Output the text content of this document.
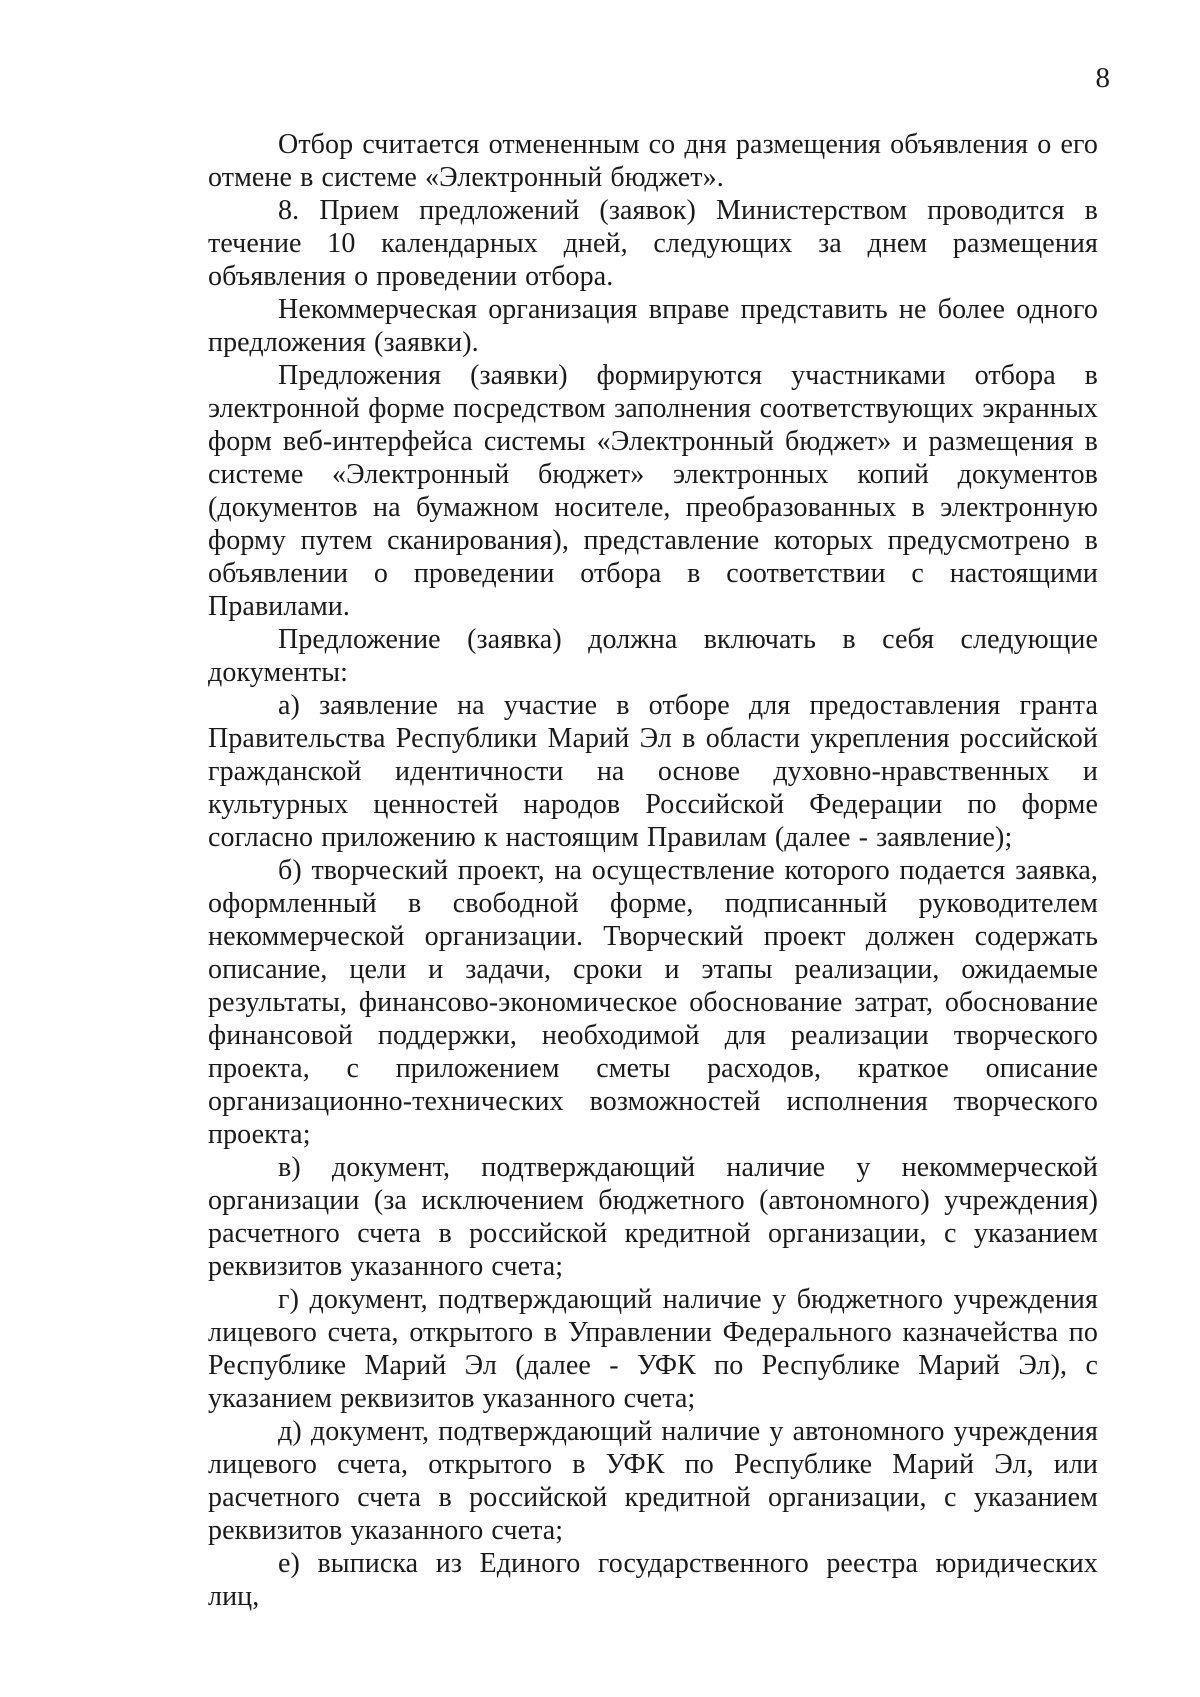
8

Отбор считается отмененным со дня размещения объявления о его отмене в системе «Электронный бюджет».

8. Прием предложений (заявок) Министерством проводится в течение 10 календарных дней, следующих за днем размещения объявления о проведении отбора.

Некоммерческая организация вправе представить не более одного предложения (заявки).

Предложения (заявки) формируются участниками отбора в электронной форме посредством заполнения соответствующих экранных форм веб-интерфейса системы «Электронный бюджет» и размещения в системе «Электронный бюджет» электронных копий документов (документов на бумажном носителе, преобразованных в электронную форму путем сканирования), представление которых предусмотрено в объявлении о проведении отбора в соответствии с настоящими Правилами.

Предложение (заявка) должна включать в себя следующие документы:

а) заявление на участие в отборе для предоставления гранта Правительства Республики Марий Эл в области укрепления российской гражданской идентичности на основе духовно-нравственных и культурных ценностей народов Российской Федерации по форме согласно приложению к настоящим Правилам (далее - заявление);

б) творческий проект, на осуществление которого подается заявка, оформленный в свободной форме, подписанный руководителем некоммерческой организации. Творческий проект должен содержать описание, цели и задачи, сроки и этапы реализации, ожидаемые результаты, финансово-экономическое обоснование затрат, обоснование финансовой поддержки, необходимой для реализации творческого проекта, с приложением сметы расходов, краткое описание организационно-технических возможностей исполнения творческого проекта;

в) документ, подтверждающий наличие у некоммерческой организации (за исключением бюджетного (автономного) учреждения) расчетного счета в российской кредитной организации, с указанием реквизитов указанного счета;

г) документ, подтверждающий наличие у бюджетного учреждения лицевого счета, открытого в Управлении Федерального казначейства по Республике Марий Эл (далее - УФК по Республике Марий Эл), с указанием реквизитов указанного счета;

д) документ, подтверждающий наличие у автономного учреждения лицевого счета, открытого в УФК по Республике Марий Эл, или расчетного счета в российской кредитной организации, с указанием реквизитов указанного счета;

е) выписка из Единого государственного реестра юридических лиц,
